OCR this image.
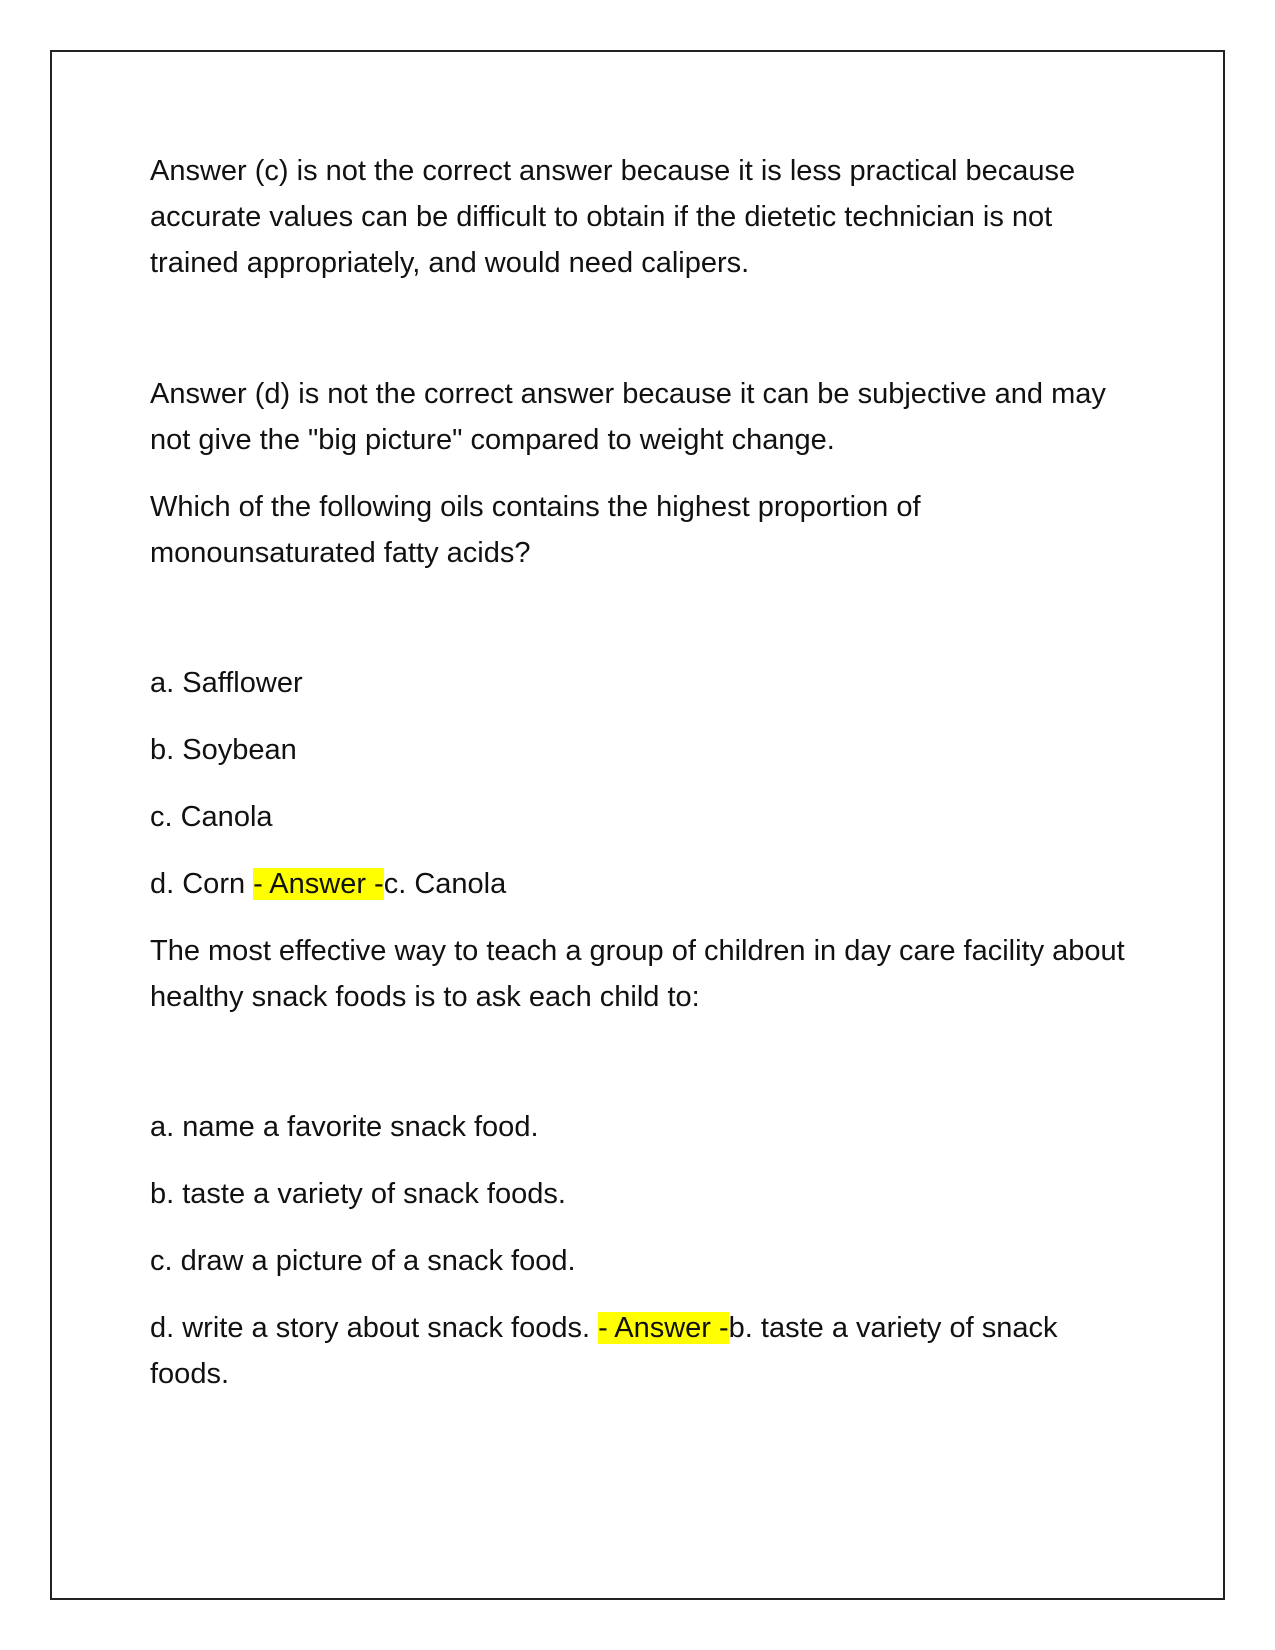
Answer (c) is not the correct answer because it is less practical because accurate values can be difficult to obtain if the dietetic technician is not trained appropriately, and would need calipers.

Answer (d) is not the correct answer because it can be subjective and may not give the "big picture" compared to weight change.

Which of the following oils contains the highest proportion of monounsaturated fatty acids?

a. Safflower

b. Soybean

c. Canola

d. Corn - Answer -c. Canola

The most effective way to teach a group of children in day care facility about healthy snack foods is to ask each child to:

a. name a favorite snack food.

b. taste a variety of snack foods.

c. draw a picture of a snack food.

d. write a story about snack foods. - Answer -b. taste a variety of snack foods.
